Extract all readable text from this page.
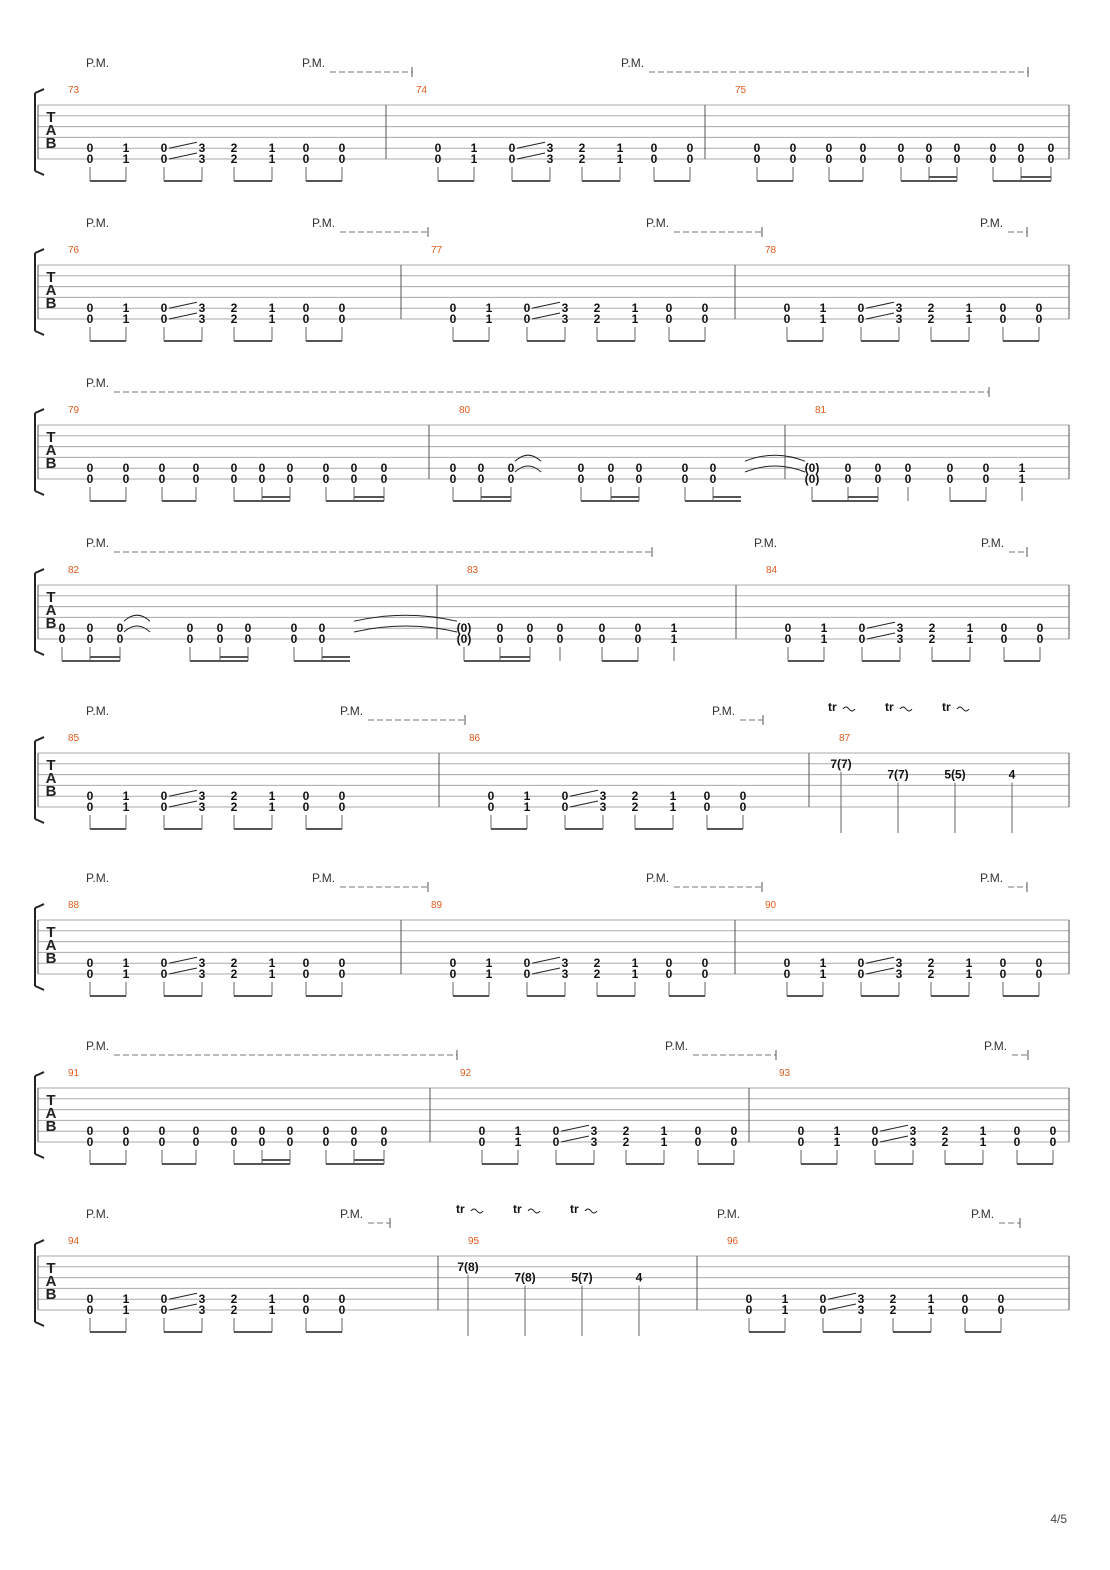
T
A
B
P.M.	P.M.	P.M.
73
0
0
1
1
0
0
3
3
2
2
1
1
0
0
0
0
74
0
0
1
1
0
0
3
3
2
2
1
1
0
0
0
0
75
0
0
0
0
0
0
0
0
0
0
0
0
0
0
0
0
0
0
0
0
T
A
B
P.M.	P.M.	P.M.	P.M.
76
0
0
1
1
0
0
3
3
2
2
1
1
0
0
0
0
77
0
0
1
1
0
0
3
3
2
2
1
1
0
0
0
0
78
0
0
1
1
0
0
3
3
2
2
1
1
0
0
0
0
T
A
B
P.M.
79
0
0
0
0
0
0
0
0
0
0
0
0
0
0
0
0
0
0
0
0
80
0
0
0
0
0
0
0
0
0
0
0
0
0
0
0
0
81
(0)
(0)
0
0
0
0
0
0
0
0
0
0
1
1
T
A
B
P.M.	P.M.	P.M.
82
0
0
0
0
0
0
0
0
0
0
0
0
0
0
0
0
83
(0)
(0)
0
0
0
0
0
0
0
0
0
0
1
1
84
0
0
1
1
0
0
3
3
2
2
1
1
0
0
0
0
T
A
B
P.M.	P.M.	P.M.	tr	tr	tr
85
0
0
1
1
0
0
3
3
2
2
1
1
0
0
0
0
86
0
0
1
1
0
0
3
3
2
2
1
1
0
0
0
0
87
7(7)
7(7)	5(5)	4
T
A
B
P.M.	P.M.	P.M.	P.M.
88
0
0
1
1
0
0
3
3
2
2
1
1
0
0
0
0
89
0
0
1
1
0
0
3
3
2
2
1
1
0
0
0
0
90
0
0
1
1
0
0
3
3
2
2
1
1
0
0
0
0
T
A
B
P.M.	P.M.	P.M.
91
0
0
0
0
0
0
0
0
0
0
0
0
0
0
0
0
0
0
0
0
92
0
0
1
1
0
0
3
3
2
2
1
1
0
0
0
0
93
0
0
1
1
0
0
3
3
2
2
1
1
0
0
0
0
T
A
B
P.M.	P.M.	P.M.	P.M.
tr	tr	tr
94
0
0
1
1
0
0
3
3
2
2
1
1
0
0
0
0
95
7(8)
7(8)	5(7)	4
96
0
0
1
1
0
0
3
3
2
2
1
1
0
0
0
0
4/5
